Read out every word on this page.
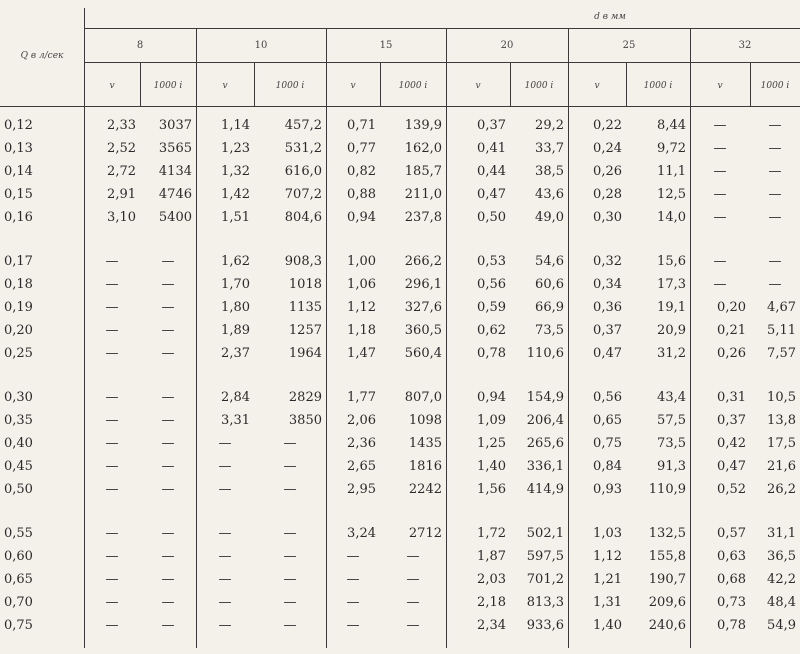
Q в л/сек
d в мм
8	10	15	20	25	32
v	1000 i	v	1000 i	v	1000 i	v	1000 i	v	1000 i	v	1000 i
0,12	2,33	3037	1,14	457,2	0,71	139,9	0,37	29,2	0,22	8,44	—	—
0,13	2,52	3565	1,23	531,2	0,77	162,0	0,41	33,7	0,24	9,72	—	—
0,14	2,72	4134	1,32	616,0	0,82	185,7	0,44	38,5	0,26	11,1	—	—
0,15	2,91	4746	1,42	707,2	0,88	211,0	0,47	43,6	0,28	12,5	—	—
0,16	3,10	5400	1,51	804,6	0,94	237,8	0,50	49,0	0,30	14,0	—	—
0,17	—	—	1,62	908,3	1,00	266,2	0,53	54,6	0,32	15,6	—	—
0,18	—	—	1,70	1018	1,06	296,1	0,56	60,6	0,34	17,3	—	—
0,19	—	—	1,80	1135	1,12	327,6	0,59	66,9	0,36	19,1	0,20	4,67
0,20	—	—	1,89	1257	1,18	360,5	0,62	73,5	0,37	20,9	0,21	5,11
0,25	—	—	2,37	1964	1,47	560,4	0,78	110,6	0,47	31,2	0,26	7,57
0,30	—	—	2,84	2829	1,77	807,0	0,94	154,9	0,56	43,4	0,31	10,5
0,35	—	—	3,31	3850	2,06	1098	1,09	206,4	0,65	57,5	0,37	13,8
0,40	—	—	—	—	2,36	1435	1,25	265,6	0,75	73,5	0,42	17,5
0,45	—	—	—	—	2,65	1816	1,40	336,1	0,84	91,3	0,47	21,6
0,50	—	—	—	—	2,95	2242	1,56	414,9	0,93	110,9	0,52	26,2
0,55	—	—	—	—	3,24	2712	1,72	502,1	1,03	132,5	0,57	31,1
0,60	—	—	—	—	—	—	1,87	597,5	1,12	155,8	0,63	36,5
0,65	—	—	—	—	—	—	2,03	701,2	1,21	190,7	0,68	42,2
0,70	—	—	—	—	—	—	2,18	813,3	1,31	209,6	0,73	48,4
0,75	—	—	—	—	—	—	2,34	933,6	1,40	240,6	0,78	54,9
